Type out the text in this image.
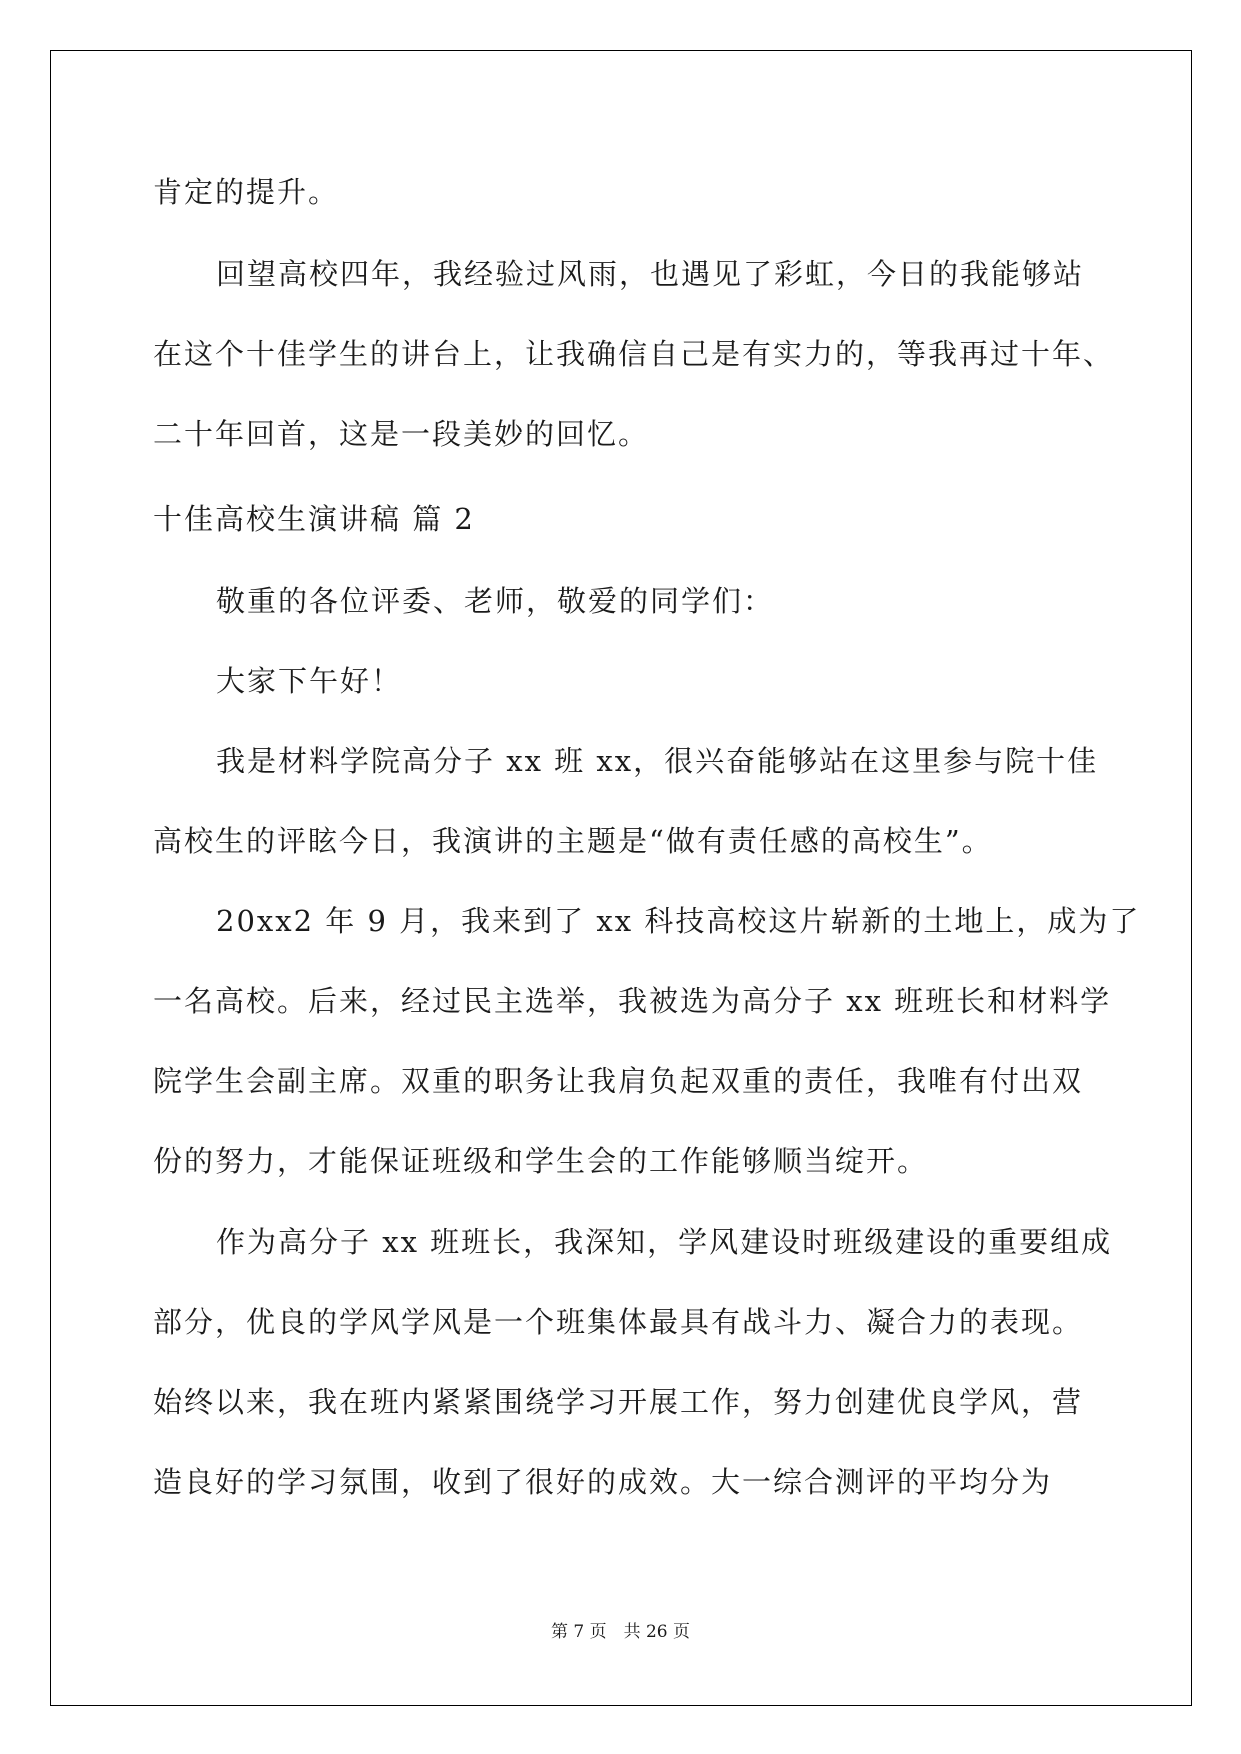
肯定的提升。

回望高校四年，我经验过风雨，也遇见了彩虹，今日的我能够站

在这个十佳学生的讲台上，让我确信自己是有实力的，等我再过十年、

二十年回首，这是一段美妙的回忆。

十佳高校生演讲稿 篇 2

敬重的各位评委、老师，敬爱的同学们：

大家下午好！

我是材料学院高分子 xx 班 xx，很兴奋能够站在这里参与院十佳

高校生的评眩今日，我演讲的主题是“做有责任感的高校生”。

20xx2 年 9 月，我来到了 xx 科技高校这片崭新的土地上，成为了

一名高校。后来，经过民主选举，我被选为高分子 xx 班班长和材料学

院学生会副主席。双重的职务让我肩负起双重的责任，我唯有付出双

份的努力，才能保证班级和学生会的工作能够顺当绽开。

作为高分子 xx 班班长，我深知，学风建设时班级建设的重要组成

部分，优良的学风学风是一个班集体最具有战斗力、凝合力的表现。

始终以来，我在班内紧紧围绕学习开展工作，努力创建优良学风，营

造良好的学习氛围，收到了很好的成效。大一综合测评的平均分为

第 7 页　共 26 页
